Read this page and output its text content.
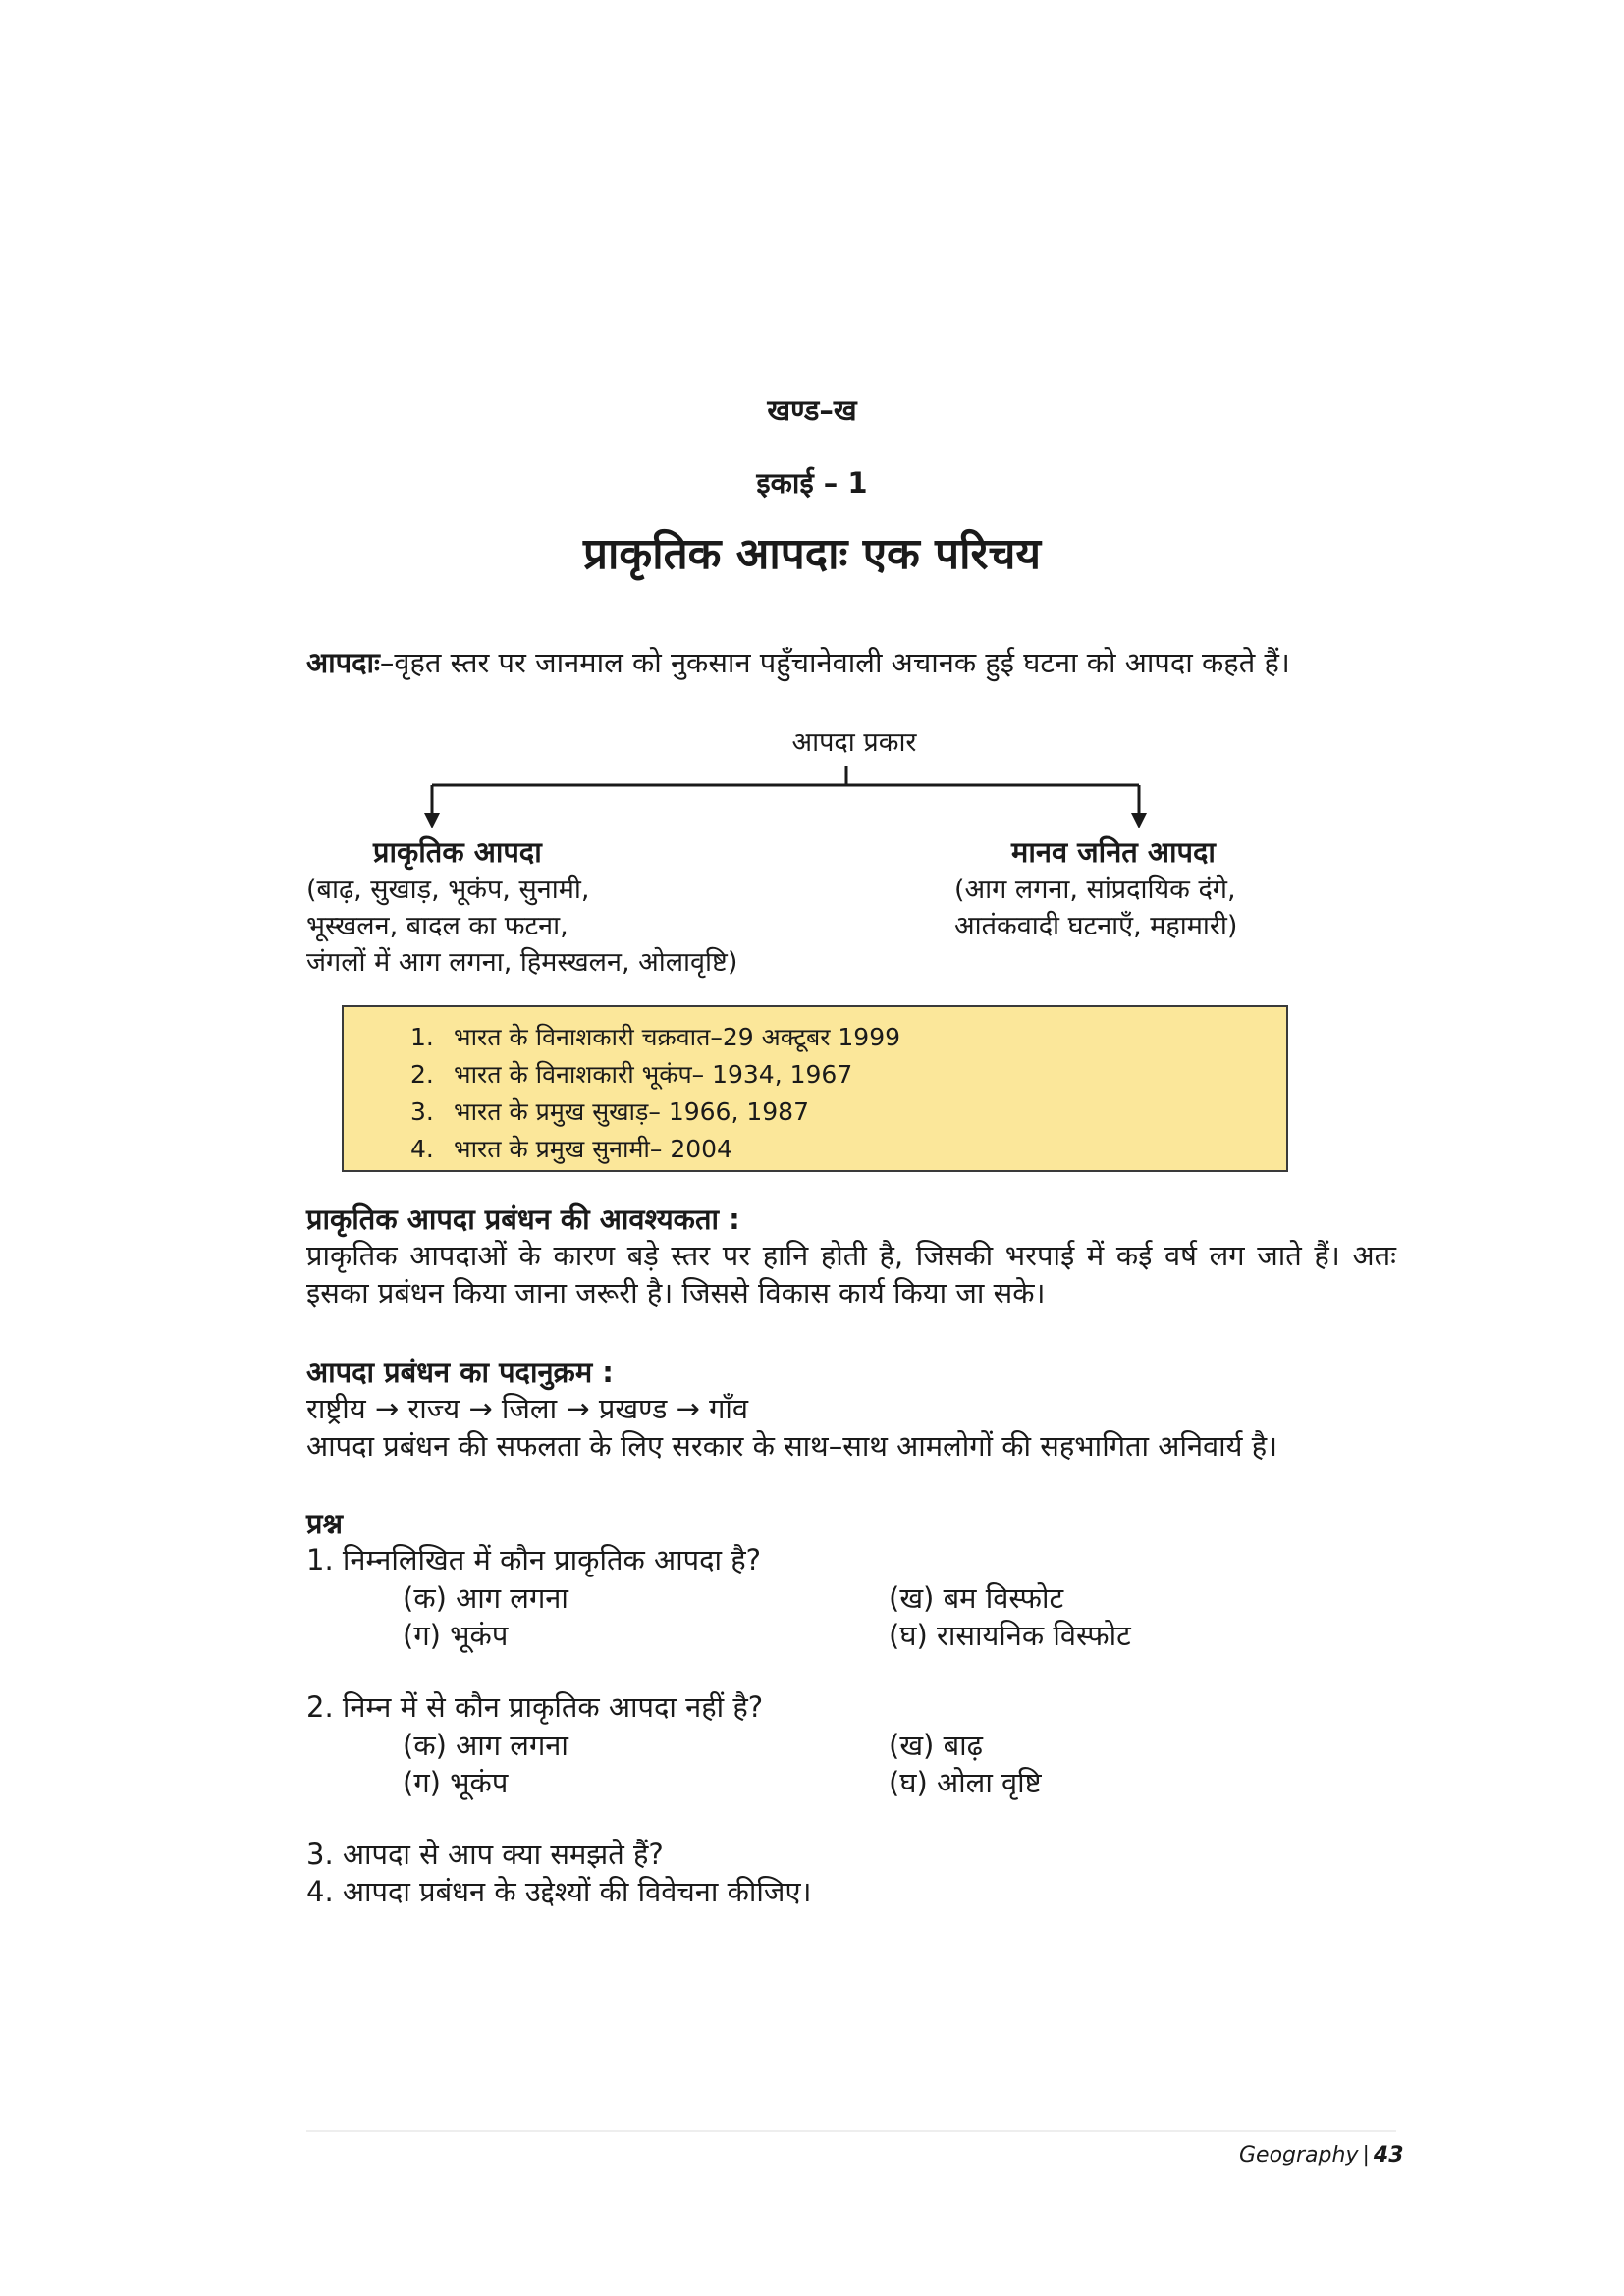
खण्ड–ख
इकाई – 1
प्राकृतिक आपदाः एक परिचय
आपदाः–वृहत स्तर पर जानमाल को नुकसान पहुँचानेवाली अचानक हुई घटना को आपदा कहते हैं।
आपदा प्रकार
प्राकृतिक आपदा
(बाढ़, सुखाड़, भूकंप, सुनामी,
भूस्खलन, बादल का फटना,
जंगलों में आग लगना, हिमस्खलन, ओलावृष्टि)
मानव जनित आपदा
(आग लगना, सांप्रदायिक दंगे,
आतंकवादी घटनाएँ, महामारी)
1. भारत के विनाशकारी चक्रवात–29 अक्टूबर 1999
2. भारत के विनाशकारी भूकंप– 1934, 1967
3. भारत के प्रमुख सुखाड़– 1966, 1987
4. भारत के प्रमुख सुनामी– 2004
प्राकृतिक आपदा प्रबंधन की आवश्यकता :
प्राकृतिक आपदाओं के कारण बड़े स्तर पर हानि होती है, जिसकी भरपाई में कई वर्ष लग जाते हैं। अतः इसका प्रबंधन किया जाना जरूरी है। जिससे विकास कार्य किया जा सके।
आपदा प्रबंधन का पदानुक्रम :
राष्ट्रीय → राज्य → जिला → प्रखण्ड → गाँव
आपदा प्रबंधन की सफलता के लिए सरकार के साथ–साथ आमलोगों की सहभागिता अनिवार्य है।
प्रश्न
1. निम्नलिखित में कौन प्राकृतिक आपदा है?
(क) आग लगना	(ख) बम विस्फोट
(ग) भूकंप	(घ) रासायनिक विस्फोट
2. निम्न में से कौन प्राकृतिक आपदा नहीं है?
(क) आग लगना	(ख) बाढ़
(ग) भूकंप	(घ) ओला वृष्टि
3. आपदा से आप क्या समझते हैं?
4. आपदा प्रबंधन के उद्देश्यों की विवेचना कीजिए।
Geography | 43
